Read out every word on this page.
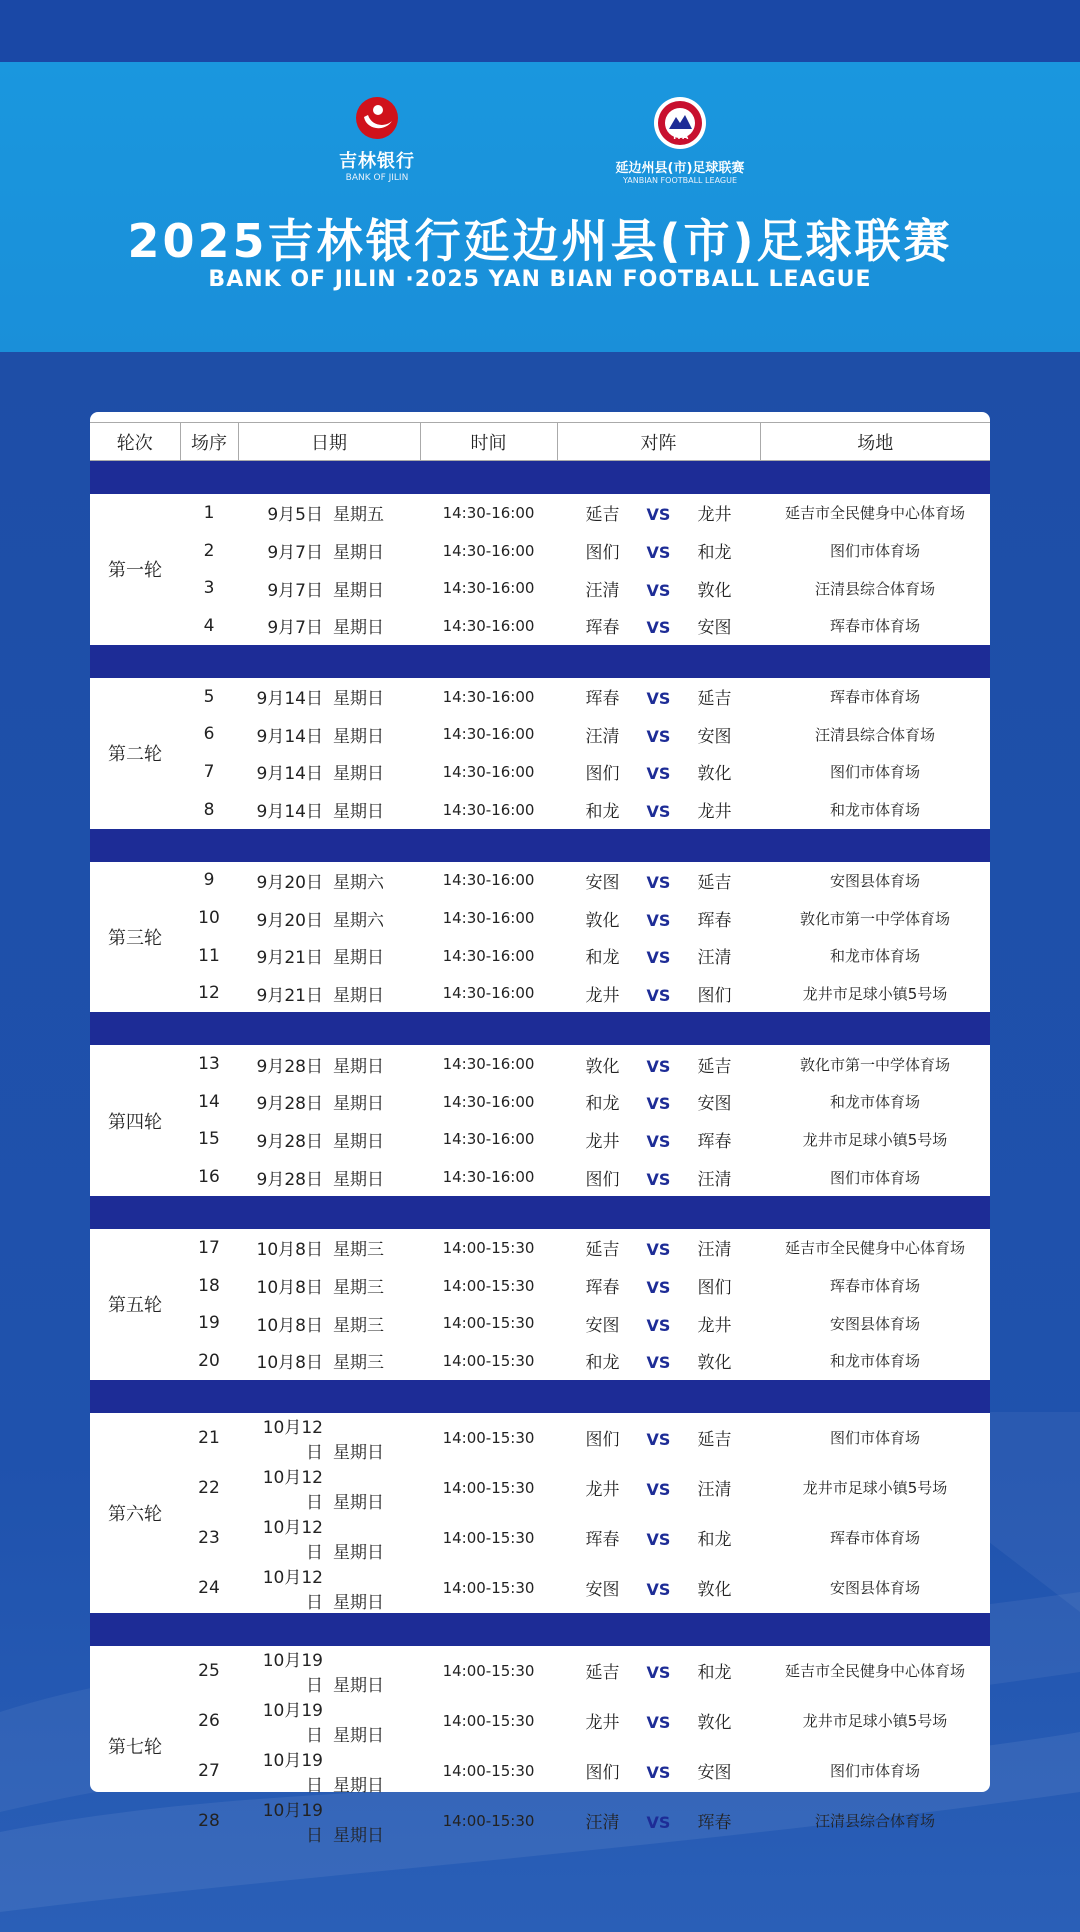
吉林银行
BANK OF JILIN
YFA
延边州县(市)足球联赛
YANBIAN FOOTBALL LEAGUE
2025吉林银行延边州县(市)足球联赛
BANK OF JILIN ·2025 YAN BIAN FOOTBALL LEAGUE
轮次	场序	日期	时间	对阵	场地

第一轮	1	9月5日 星期五	14:30-16:00	延吉 VS 龙井	延吉市全民健身中心体育场
	2	9月7日 星期日	14:30-16:00	图们 VS 和龙	图们市体育场
	3	9月7日 星期日	14:30-16:00	汪清 VS 敦化	汪清县综合体育场
	4	9月7日 星期日	14:30-16:00	珲春 VS 安图	珲春市体育场

第二轮	5	9月14日 星期日	14:30-16:00	珲春 VS 延吉	珲春市体育场
	6	9月14日 星期日	14:30-16:00	汪清 VS 安图	汪清县综合体育场
	7	9月14日 星期日	14:30-16:00	图们 VS 敦化	图们市体育场
	8	9月14日 星期日	14:30-16:00	和龙 VS 龙井	和龙市体育场

第三轮	9	9月20日 星期六	14:30-16:00	安图 VS 延吉	安图县体育场
	10	9月20日 星期六	14:30-16:00	敦化 VS 珲春	敦化市第一中学体育场
	11	9月21日 星期日	14:30-16:00	和龙 VS 汪清	和龙市体育场
	12	9月21日 星期日	14:30-16:00	龙井 VS 图们	龙井市足球小镇5号场

第四轮	13	9月28日 星期日	14:30-16:00	敦化 VS 延吉	敦化市第一中学体育场
	14	9月28日 星期日	14:30-16:00	和龙 VS 安图	和龙市体育场
	15	9月28日 星期日	14:30-16:00	龙井 VS 珲春	龙井市足球小镇5号场
	16	9月28日 星期日	14:30-16:00	图们 VS 汪清	图们市体育场

第五轮	17	10月8日 星期三	14:00-15:30	延吉 VS 汪清	延吉市全民健身中心体育场
	18	10月8日 星期三	14:00-15:30	珲春 VS 图们	珲春市体育场
	19	10月8日 星期三	14:00-15:30	安图 VS 龙井	安图县体育场
	20	10月8日 星期三	14:00-15:30	和龙 VS 敦化	和龙市体育场

第六轮	21	10月12日 星期日	14:00-15:30	图们 VS 延吉	图们市体育场
	22	10月12日 星期日	14:00-15:30	龙井 VS 汪清	龙井市足球小镇5号场
	23	10月12日 星期日	14:00-15:30	珲春 VS 和龙	珲春市体育场
	24	10月12日 星期日	14:00-15:30	安图 VS 敦化	安图县体育场

第七轮	25	10月19日 星期日	14:00-15:30	延吉 VS 和龙	延吉市全民健身中心体育场
	26	10月19日 星期日	14:00-15:30	龙井 VS 敦化	龙井市足球小镇5号场
	27	10月19日 星期日	14:00-15:30	图们 VS 安图	图们市体育场
	28	10月19日 星期日	14:00-15:30	汪清 VS 珲春	汪清县综合体育场
